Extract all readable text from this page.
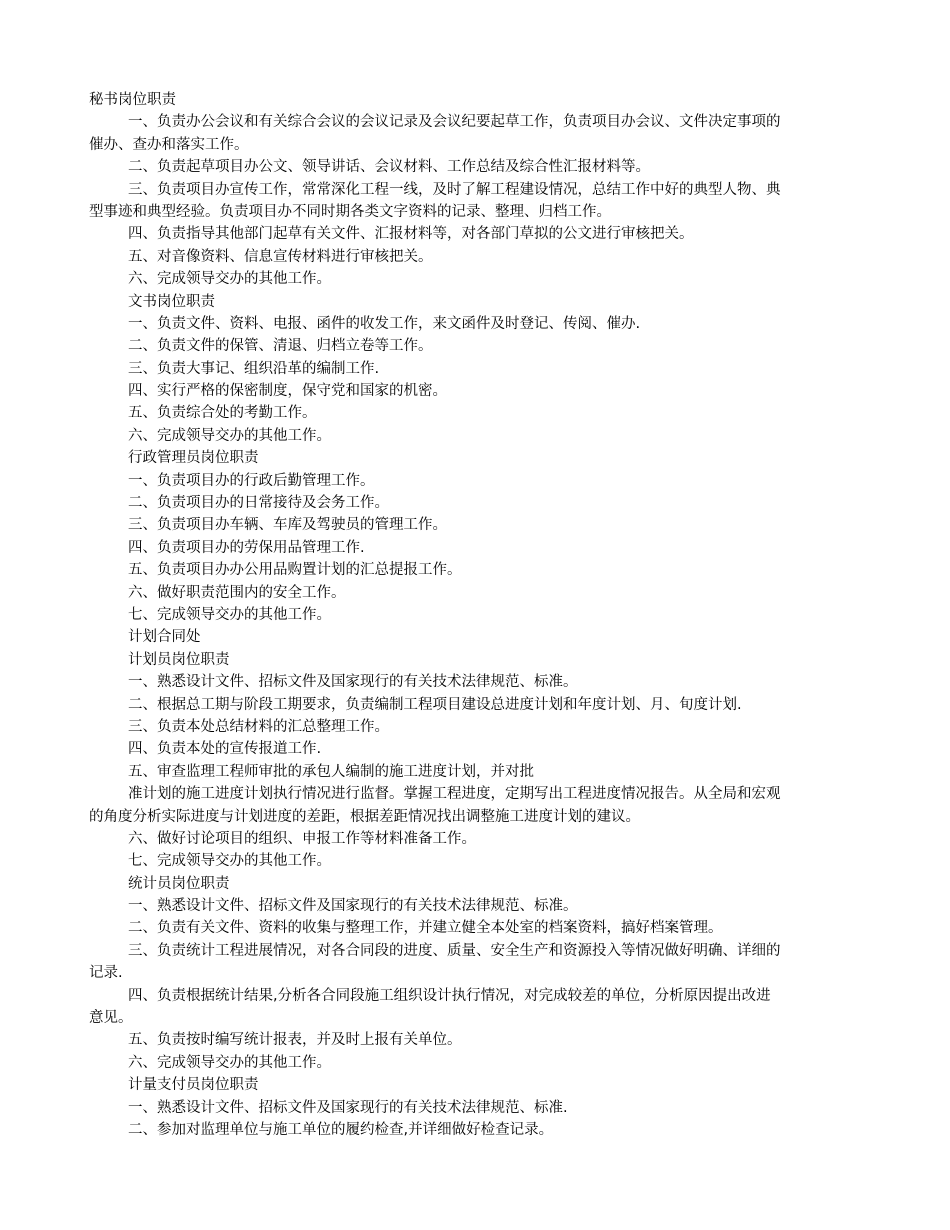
秘书岗位职责
一、负责办公会议和有关综合会议的会议记录及会议纪要起草工作，负责项目办会议、文件决定事项的
催办、查办和落实工作。
二、负责起草项目办公文、领导讲话、会议材料、工作总结及综合性汇报材料等。
三、负责项目办宣传工作，常常深化工程一线，及时了解工程建设情况，总结工作中好的典型人物、典
型事迹和典型经验。负责项目办不同时期各类文字资料的记录、整理、归档工作。
四、负责指导其他部门起草有关文件、汇报材料等，对各部门草拟的公文进行审核把关。
五、对音像资料、信息宣传材料进行审核把关。
六、完成领导交办的其他工作。
文书岗位职责
一、负责文件、资料、电报、函件的收发工作，来文函件及时登记、传阅、催办.
二、负责文件的保管、清退、归档立卷等工作。
三、负责大事记、组织沿革的编制工作.
四、实行严格的保密制度，保守党和国家的机密。
五、负责综合处的考勤工作。
六、完成领导交办的其他工作。
行政管理员岗位职责
一、负责项目办的行政后勤管理工作。
二、负责项目办的日常接待及会务工作。
三、负责项目办车辆、车库及驾驶员的管理工作。
四、负责项目办的劳保用品管理工作.
五、负责项目办办公用品购置计划的汇总提报工作。
六、做好职责范围内的安全工作。
七、完成领导交办的其他工作。
计划合同处
计划员岗位职责
一、熟悉设计文件、招标文件及国家现行的有关技术法律规范、标准。
二、根据总工期与阶段工期要求，负责编制工程项目建设总进度计划和年度计划、月、旬度计划.
三、负责本处总结材料的汇总整理工作。
四、负责本处的宣传报道工作.
五、审查监理工程师审批的承包人编制的施工进度计划，并对批
准计划的施工进度计划执行情况进行监督。掌握工程进度，定期写出工程进度情况报告。从全局和宏观
的角度分析实际进度与计划进度的差距，根据差距情况找出调整施工进度计划的建议。
六、做好讨论项目的组织、申报工作等材料准备工作。
七、完成领导交办的其他工作。
统计员岗位职责
一、熟悉设计文件、招标文件及国家现行的有关技术法律规范、标准。
二、负责有关文件、资料的收集与整理工作，并建立健全本处室的档案资料，搞好档案管理。
三、负责统计工程进展情况，对各合同段的进度、质量、安全生产和资源投入等情况做好明确、详细的
记录.
四、负责根据统计结果,分析各合同段施工组织设计执行情况，对完成较差的单位，分析原因提出改进
意见。
五、负责按时编写统计报表，并及时上报有关单位。
六、完成领导交办的其他工作。
计量支付员岗位职责
一、熟悉设计文件、招标文件及国家现行的有关技术法律规范、标准.
二、参加对监理单位与施工单位的履约检查,并详细做好检查记录。
